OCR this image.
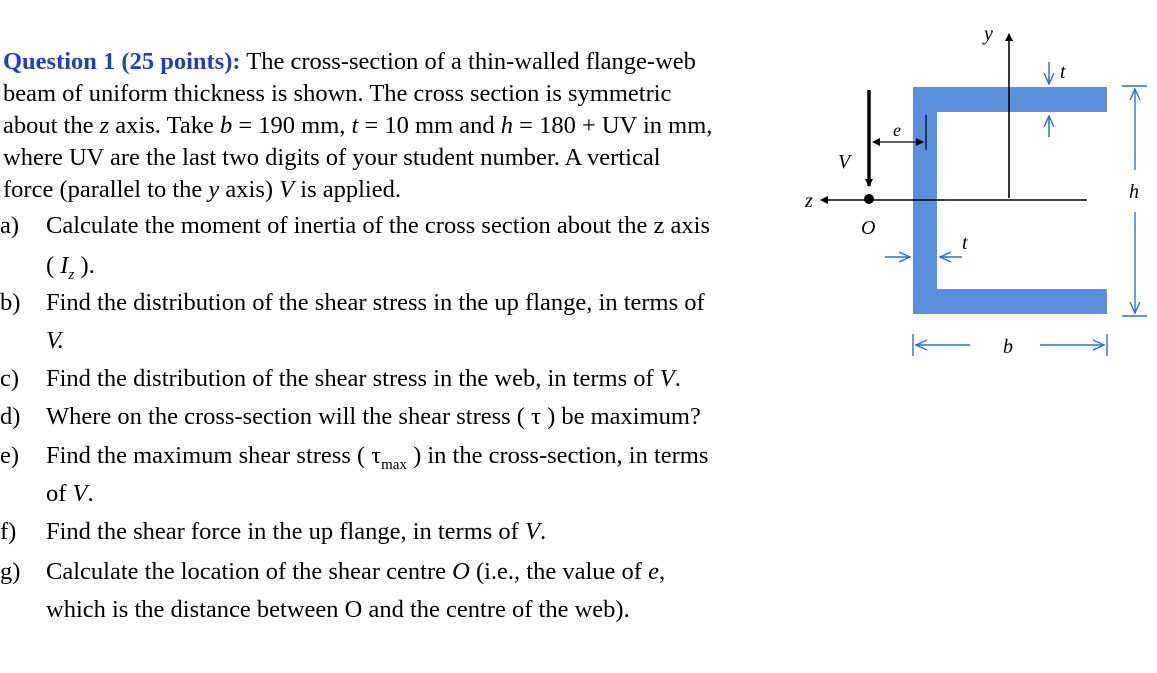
Question 1 (25 points): The cross-section of a thin-walled flange-web
beam of uniform thickness is shown. The cross section is symmetric
about the z axis. Take b = 190 mm, t = 10 mm and h = 180 + UV in mm,
where UV are the last two digits of your student number. A vertical
force (parallel to the y axis) V is applied.
a) Calculate the moment of inertia of the cross section about the z axis
( $I_z$ ).
b) Find the distribution of the shear stress in the up flange, in terms of
V.
c) Find the distribution of the shear stress in the web, in terms of V.
d) Where on the cross-section will the shear stress ( τ ) be maximum?
e) Find the maximum shear stress ( $\tau_{max}$ ) in the cross-section, in terms
of V.
f) Find the shear force in the up flange, in terms of V.
g) Calculate the location of the shear centre O (i.e., the value of e,
which is the distance between O and the centre of the web).
y
z
V
O
e
t
t
h
b
